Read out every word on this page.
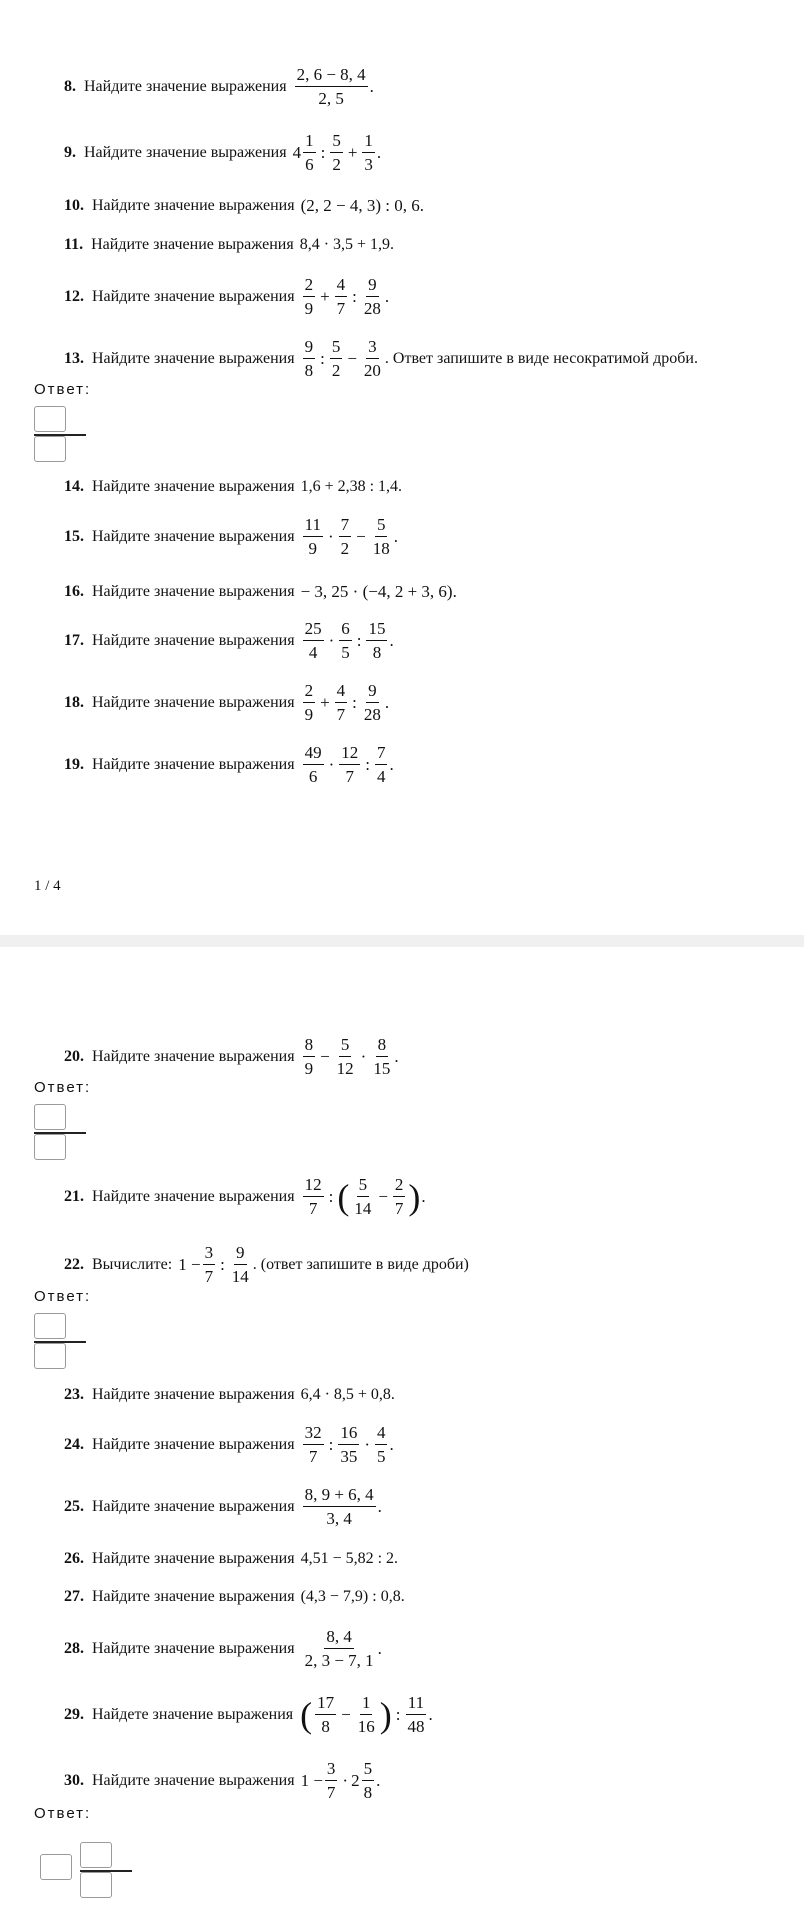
8. Найдите значение выражения $\frac{2, 6 - 8, 4}{2, 5}$ .
9. Найдите значение выражения $4 \frac{1}{6}$ : $\frac{5}{2} + \frac{1}{3}$ .
10. Найдите значение выражения (2, 2 − 4, 3) : 0, 6.
11. Найдите значение выражения 8,4 · 3,5 + 1,9.
12. Найдите значение выражения $\frac{2}{9} + \frac{4}{7}$ : $\frac{9}{28}$ .
13. Найдите значение выражения $\frac{9}{8}$ : $\frac{5}{2} - \frac{3}{20}$ . Ответ запишите в виде несократимой дроби.
Ответ:
14. Найдите значение выражения 1,6 + 2,38 : 1,4.
15. Найдите значение выражения $\frac{11}{9} \cdot \frac{7}{2} - \frac{5}{18}$ .
16. Найдите значение выражения − 3, 25 · (−4, 2 + 3, 6).
17. Найдите значение выражения $\frac{25}{4} \cdot \frac{6}{5}$ : $\frac{15}{8}$ .
18. Найдите значение выражения $\frac{2}{9} + \frac{4}{7}$ : $\frac{9}{28}$ .
19. Найдите значение выражения $\frac{49}{6} \cdot \frac{12}{7}$ : $\frac{7}{4}$ .
1 / 4
20. Найдите значение выражения $\frac{8}{9} - \frac{5}{12} \cdot \frac{8}{15}$ .
Ответ:
21. Найдите значение выражения $\frac{12}{7}$ : ( $\frac{5}{14} - \frac{2}{7}$ ) .
22. Вычислите: $1 - \frac{3}{7}$ : $\frac{9}{14}$ . (ответ запишите в виде дроби)
Ответ:
23. Найдите значение выражения 6,4 · 8,5 + 0,8.
24. Найдите значение выражения $\frac{32}{7}$ : $\frac{16}{35} \cdot \frac{4}{5}$ .
25. Найдите значение выражения $\frac{8, 9 + 6, 4}{3, 4}$ .
26. Найдите значение выражения 4,51 − 5,82 : 2.
27. Найдите значение выражения (4,3 − 7,9) : 0,8.
28. Найдите значение выражения $\frac{8, 4}{2, 3 - 7, 1}$ .
29. Найдете значение выражения ( $\frac{17}{8} - \frac{1}{16}$ ) : $\frac{11}{48}$ .
30. Найдите значение выражения $1 - \frac{3}{7} \cdot 2 \frac{5}{8}$ .
Ответ:
